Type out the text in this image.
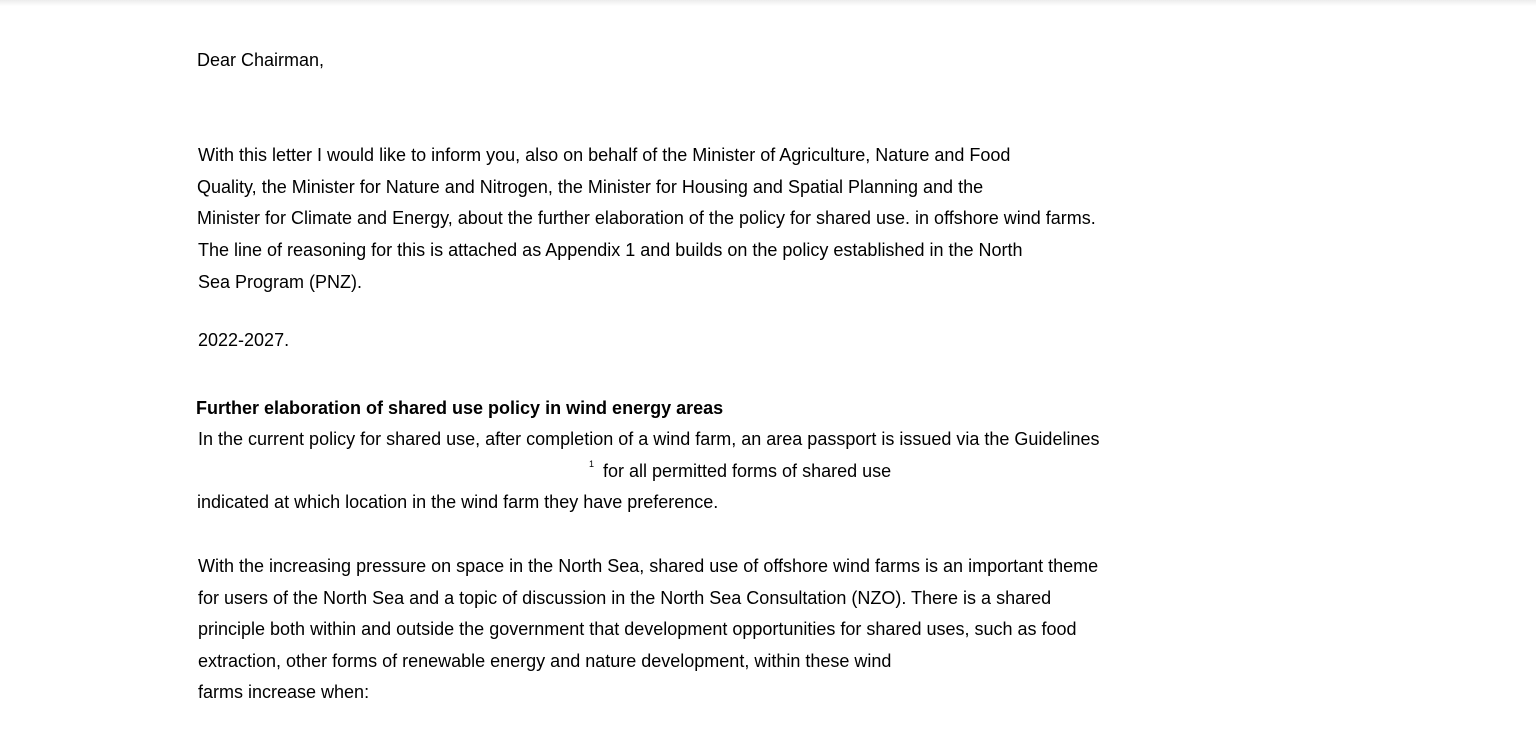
Dear Chairman,
With this letter I would like to inform you, also on behalf of the Minister of Agriculture, Nature and Food
Quality, the Minister for Nature and Nitrogen, the Minister for Housing and Spatial Planning and the
Minister for Climate and Energy, about the further elaboration of the policy for shared use. in offshore wind farms.
The line of reasoning for this is attached as Appendix 1 and builds on the policy established in the North
Sea Program (PNZ).
2022-2027.
Further elaboration of shared use policy in wind energy areas
In the current policy for shared use, after completion of a wind farm, an area passport is issued via the Guidelines
1 for all permitted forms of shared use
indicated at which location in the wind farm they have preference.
With the increasing pressure on space in the North Sea, shared use of offshore wind farms is an important theme
for users of the North Sea and a topic of discussion in the North Sea Consultation (NZO). There is a shared
principle both within and outside the government that development opportunities for shared uses, such as food
extraction, other forms of renewable energy and nature development, within these wind
farms increase when:
